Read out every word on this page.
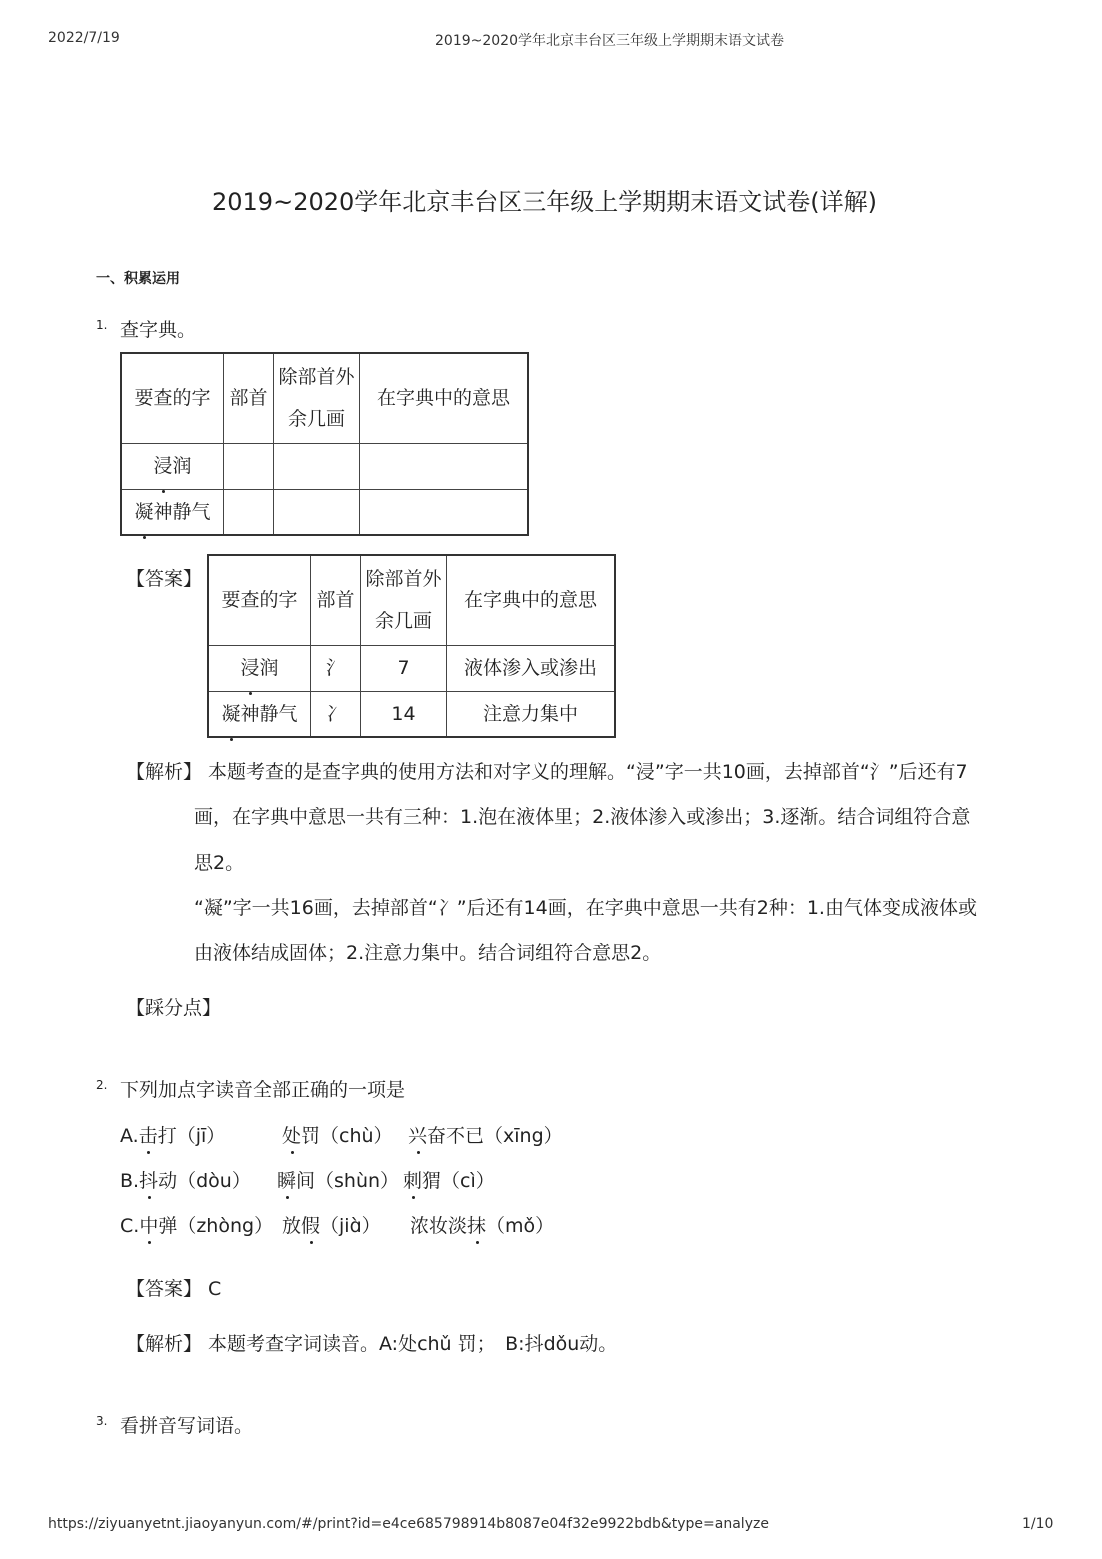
2022/7/19	2019~2020学年北京丰台区三年级上学期期末语文试卷
2019~2020学年北京丰台区三年级上学期期末语文试卷(详解)
一、积累运用
1. 查字典。
要查的字	部首	除部首外
余几画	在字典中的意思
浸润			
凝神静气			
【答案】
要查的字	部首	除部首外
余几画	在字典中的意思
浸润	氵	7	液体渗入或渗出
凝神静气	冫	14	注意力集中
【解析】 本题考查的是查字典的使用方法和对字义的理解。“浸”字一共10画，去掉部首“氵”后还有7
画，在字典中意思一共有三种：1.泡在液体里；2.液体渗入或渗出；3.逐渐。结合词组符合意
思2。
“凝”字一共16画，去掉部首“冫”后还有14画，在字典中意思一共有2种：1.由气体变成液体或
由液体结成固体；2.注意力集中。结合词组符合意思2。
【踩分点】
2. 下列加点字读音全部正确的一项是
A.击打（jī）	处罚（chù） 兴奋不已（xīng）
B.抖动（dòu） 瞬间（shùn） 刺猬（cì）
C.中弹（zhòng） 放假（jiɑ̀） 浓妆淡抹（mǒ）
【答案】 C
【解析】 本题考查字词读音。A:处chǔ 罚；　B:抖dǒu动。
3. 看拼音写词语。
https://ziyuanyetnt.jiaoyanyun.com/#/print?id=e4ce685798914b8087e04f32e9922bdb&type=analyze	1/10
